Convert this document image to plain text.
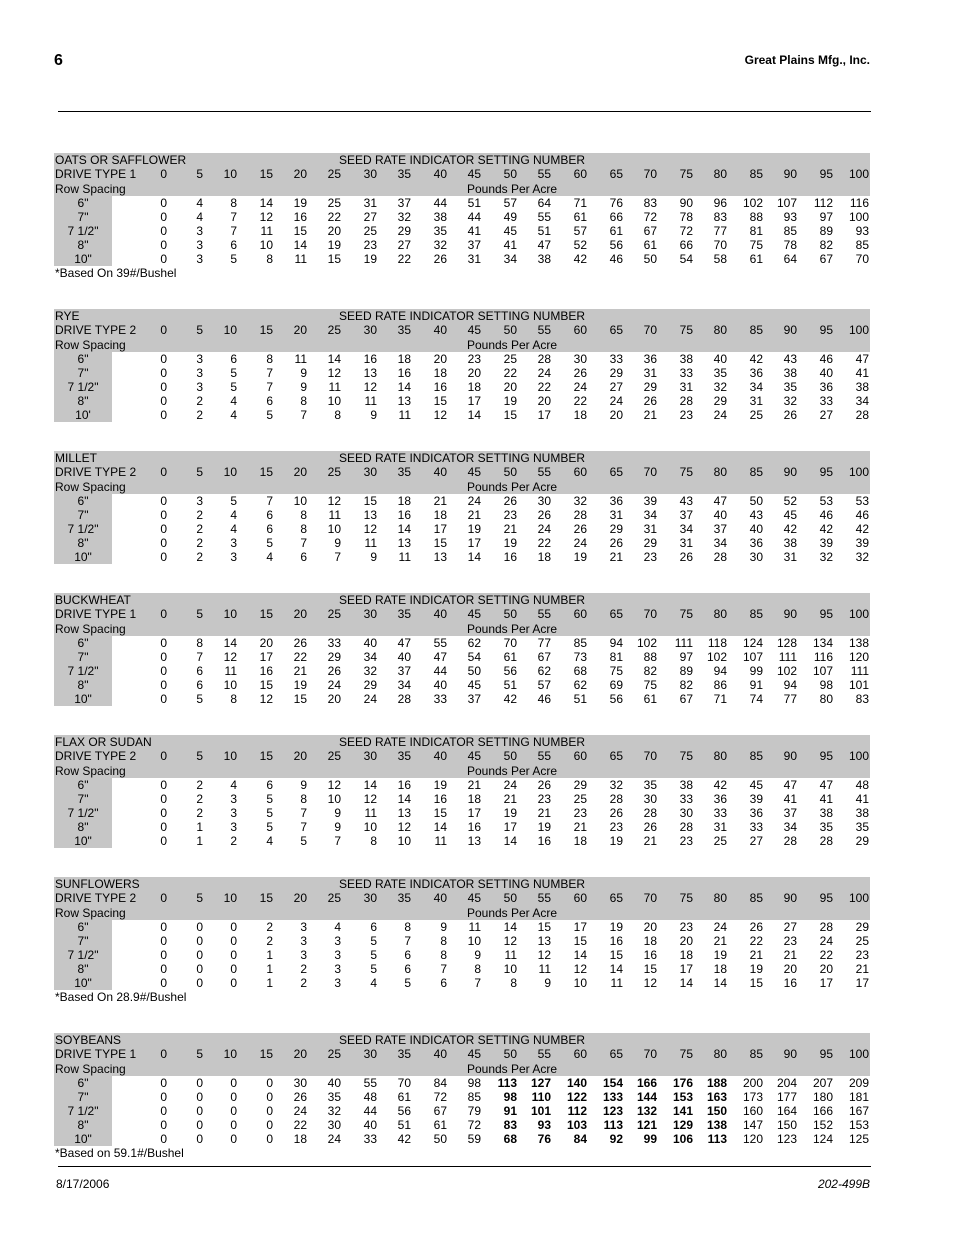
6	Great Plains Mfg., Inc.
OATS OR SAFFLOWER	SEED RATE INDICATOR SETTING NUMBER
DRIVE TYPE 1 0 5 10 15 20 25 30 35 40 45 50 55 60 65 70 75 80 85 90 95 100
Row Spacing	Pounds Per Acre
6"	0 4 8 14 19 25 31 37 44 51 57 64 71 76 83 90 96 102 107 112 116
7"	0 4 7 12 16 22 27 32 38 44 49 55 61 66 72 78 83 88 93 97 100
7 1/2"	0 3 7 11 15 20 25 29 35 41 45 51 57 61 67 72 77 81 85 89 93
8"	0 3 6 10 14 19 23 27 32 37 41 47 52 56 61 66 70 75 78 82 85
10"	0 3 5 8 11 15 19 22 26 31 34 38 42 46 50 54 58 61 64 67 70
*Based On 39#/Bushel
RYE	SEED RATE INDICATOR SETTING NUMBER
DRIVE TYPE 2 0 5 10 15 20 25 30 35 40 45 50 55 60 65 70 75 80 85 90 95 100
Row Spacing	Pounds Per Acre
6"	0 3 6 8 11 14 16 18 20 23 25 28 30 33 36 38 40 42 43 46 47
7"	0 3 5 7 9 12 13 16 18 20 22 24 26 29 31 33 35 36 38 40 41
7 1/2"	0 3 5 7 9 11 12 14 16 18 20 22 24 27 29 31 32 34 35 36 38
8"	0 2 4 6 8 10 11 13 15 17 19 20 22 24 26 28 29 31 32 33 34
10'	0 2 4 5 7 8 9 11 12 14 15 17 18 20 21 23 24 25 26 27 28
MILLET	SEED RATE INDICATOR SETTING NUMBER
DRIVE TYPE 2 0 5 10 15 20 25 30 35 40 45 50 55 60 65 70 75 80 85 90 95 100
Row Spacing	Pounds Per Acre
6"	0 3 5 7 10 12 15 18 21 24 26 30 32 36 39 43 47 50 52 53 53
7"	0 2 4 6 8 11 13 16 18 21 23 26 28 31 34 37 40 43 45 46 46
7 1/2"	0 2 4 6 8 10 12 14 17 19 21 24 26 29 31 34 37 40 42 42 42
8"	0 2 3 5 7 9 11 13 15 17 19 22 24 26 29 31 34 36 38 39 39
10"	0 2 3 4 6 7 9 11 13 14 16 18 19 21 23 26 28 30 31 32 32
BUCKWHEAT	SEED RATE INDICATOR SETTING NUMBER
DRIVE TYPE 1 0 5 10 15 20 25 30 35 40 45 50 55 60 65 70 75 80 85 90 95 100
Row Spacing	Pounds Per Acre
6"	0 8 14 20 26 33 40 47 55 62 70 77 85 94 102 111 118 124 128 134 138
7"	0 7 12 17 22 29 34 40 47 54 61 67 73 81 88 97 102 107 111 116 120
7 1/2"	0 6 11 16 21 26 32 37 44 50 56 62 68 75 82 89 94 99 102 107 111
8"	0 6 10 15 19 24 29 34 40 45 51 57 62 69 75 82 86 91 94 98 101
10"	0 5 8 12 15 20 24 28 33 37 42 46 51 56 61 67 71 74 77 80 83
FLAX OR SUDAN	SEED RATE INDICATOR SETTING NUMBER
DRIVE TYPE 2 0 5 10 15 20 25 30 35 40 45 50 55 60 65 70 75 80 85 90 95 100
Row Spacing	Pounds Per Acre
6"	0 2 4 6 9 12 14 16 19 21 24 26 29 32 35 38 42 45 47 47 48
7"	0 2 3 5 8 10 12 14 16 18 21 23 25 28 30 33 36 39 41 41 41
7 1/2"	0 2 3 5 7 9 11 13 15 17 19 21 23 26 28 30 33 36 37 38 38
8"	0 1 3 5 7 9 10 12 14 16 17 19 21 23 26 28 31 33 34 35 35
10"	0 1 2 4 5 7 8 10 11 13 14 16 18 19 21 23 25 27 28 28 29
SUNFLOWERS	SEED RATE INDICATOR SETTING NUMBER
DRIVE TYPE 2 0 5 10 15 20 25 30 35 40 45 50 55 60 65 70 75 80 85 90 95 100
Row Spacing	Pounds Per Acre
6"	0 0 0 2 3 4 6 8 9 11 14 15 17 19 20 23 24 26 27 28 29
7"	0 0 0 2 3 3 5 7 8 10 12 13 15 16 18 20 21 22 23 24 25
7 1/2"	0 0 0 1 3 3 5 6 8 9 11 12 14 15 16 18 19 21 21 22 23
8"	0 0 0 1 2 3 5 6 7 8 10 11 12 14 15 17 18 19 20 20 21
10"	0 0 0 1 2 3 4 5 6 7 8 9 10 11 12 14 14 15 16 17 17
*Based On 28.9#/Bushel
SOYBEANS	SEED RATE INDICATOR SETTING NUMBER
DRIVE TYPE 1 0 5 10 15 20 25 30 35 40 45 50 55 60 65 70 75 80 85 90 95 100
Row Spacing	Pounds Per Acre
6"	0 0 0 0 30 40 55 70 84 98 113 127 140 154 166 176 188 200 204 207 209
7"	0 0 0 0 26 35 48 61 72 85 98 110 122 133 144 153 163 173 177 180 181
7 1/2"	0 0 0 0 24 32 44 56 67 79 91 101 112 123 132 141 150 160 164 166 167
8"	0 0 0 0 22 30 40 51 61 72 83 93 103 113 121 129 138 147 150 152 153
10"	0 0 0 0 18 24 33 42 50 59 68 76 84 92 99 106 113 120 123 124 125
*Based on 59.1#/Bushel
8/17/2006	202-499B
